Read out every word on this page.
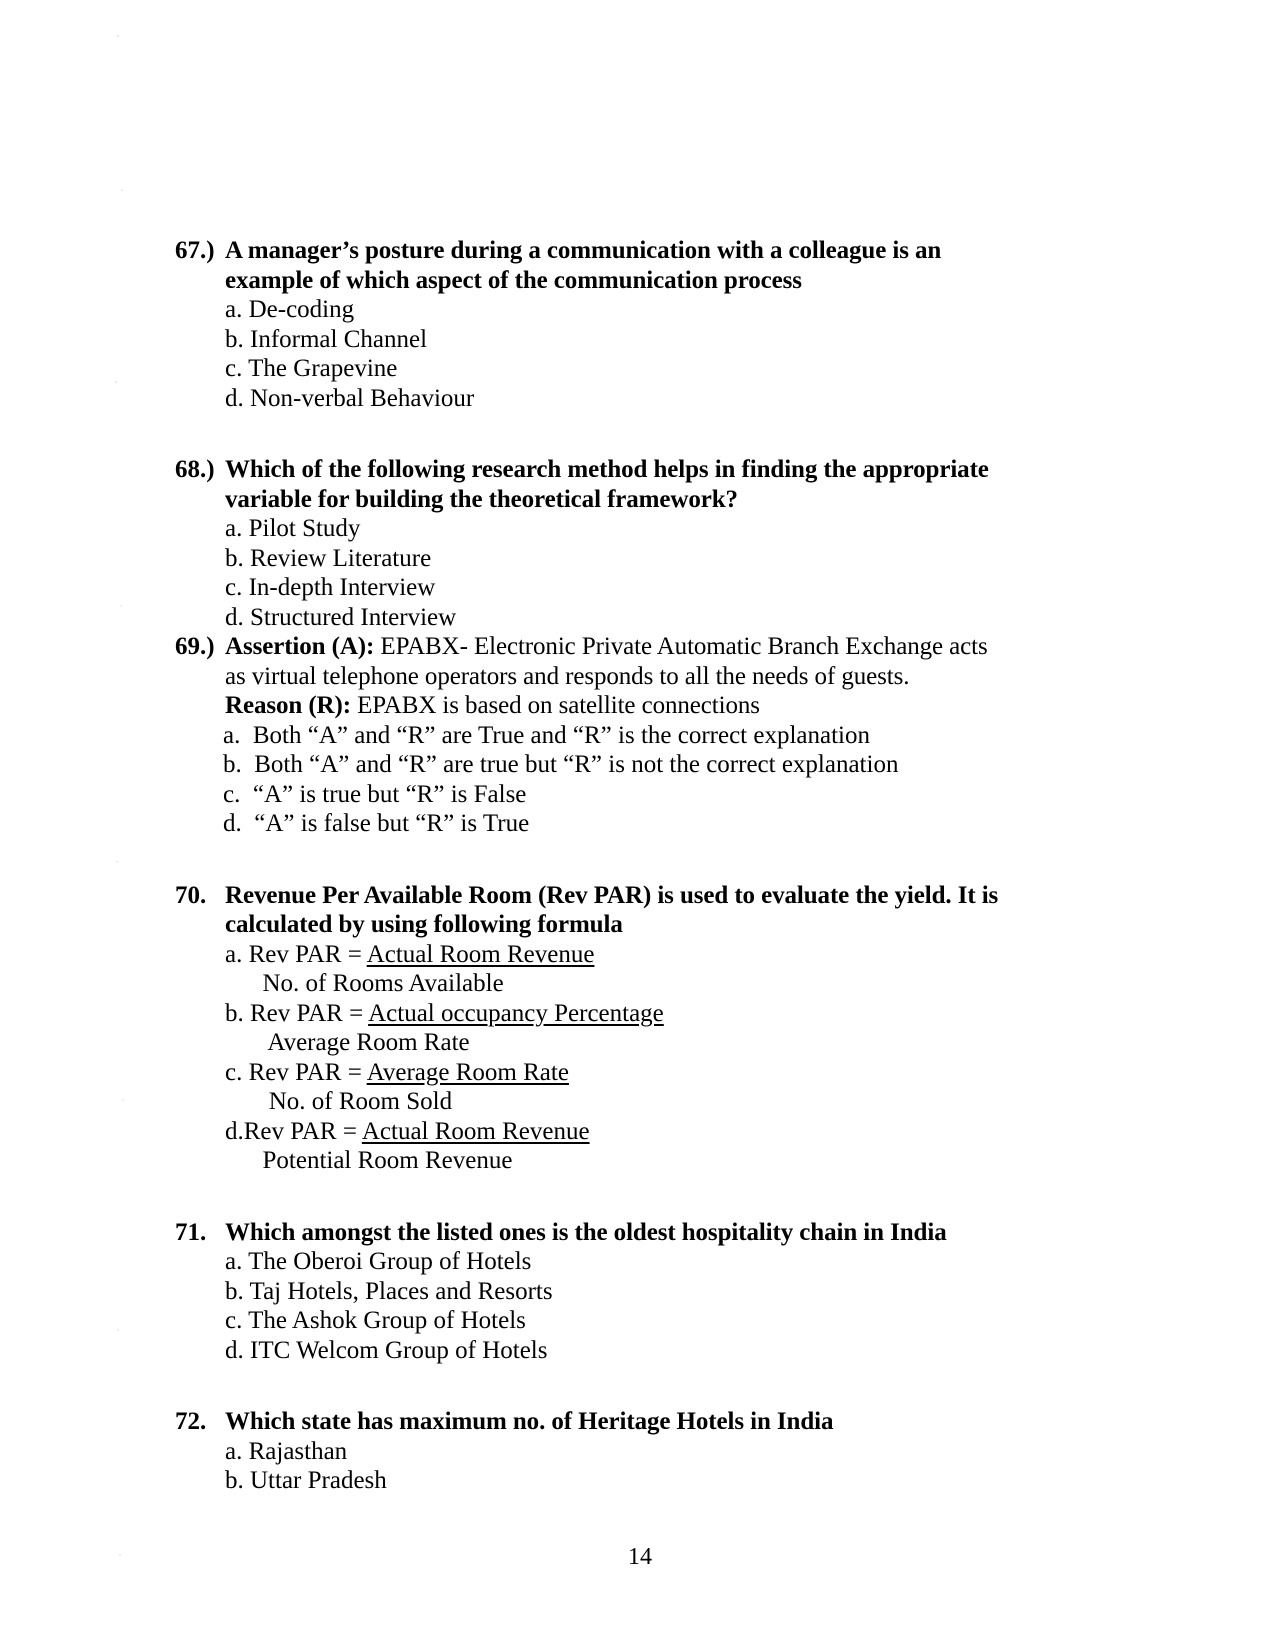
67.) A manager’s posture during a communication with a colleague is an
example of which aspect of the communication process
a. De-coding
b. Informal Channel
c. The Grapevine
d. Non-verbal Behaviour
68.) Which of the following research method helps in finding the appropriate
variable for building the theoretical framework?
a. Pilot Study
b. Review Literature
c. In-depth Interview
d. Structured Interview
69.) Assertion (A): EPABX- Electronic Private Automatic Branch Exchange acts
as virtual telephone operators and responds to all the needs of guests.
Reason (R): EPABX is based on satellite connections
a.  Both “A” and “R” are True and “R” is the correct explanation
b.  Both “A” and “R” are true but “R” is not the correct explanation
c.  “A” is true but “R” is False
d.  “A” is false but “R” is True
70. Revenue Per Available Room (Rev PAR) is used to evaluate the yield. It is
calculated by using following formula
a. Rev PAR = Actual Room Revenue
No. of Rooms Available
b. Rev PAR = Actual occupancy Percentage
Average Room Rate
c. Rev PAR = Average Room Rate
No. of Room Sold
d.Rev PAR = Actual Room Revenue
Potential Room Revenue
71. Which amongst the listed ones is the oldest hospitality chain in India
a. The Oberoi Group of Hotels
b. Taj Hotels, Places and Resorts
c. The Ashok Group of Hotels
d. ITC Welcom Group of Hotels
72. Which state has maximum no. of Heritage Hotels in India
a. Rajasthan
b. Uttar Pradesh
14
